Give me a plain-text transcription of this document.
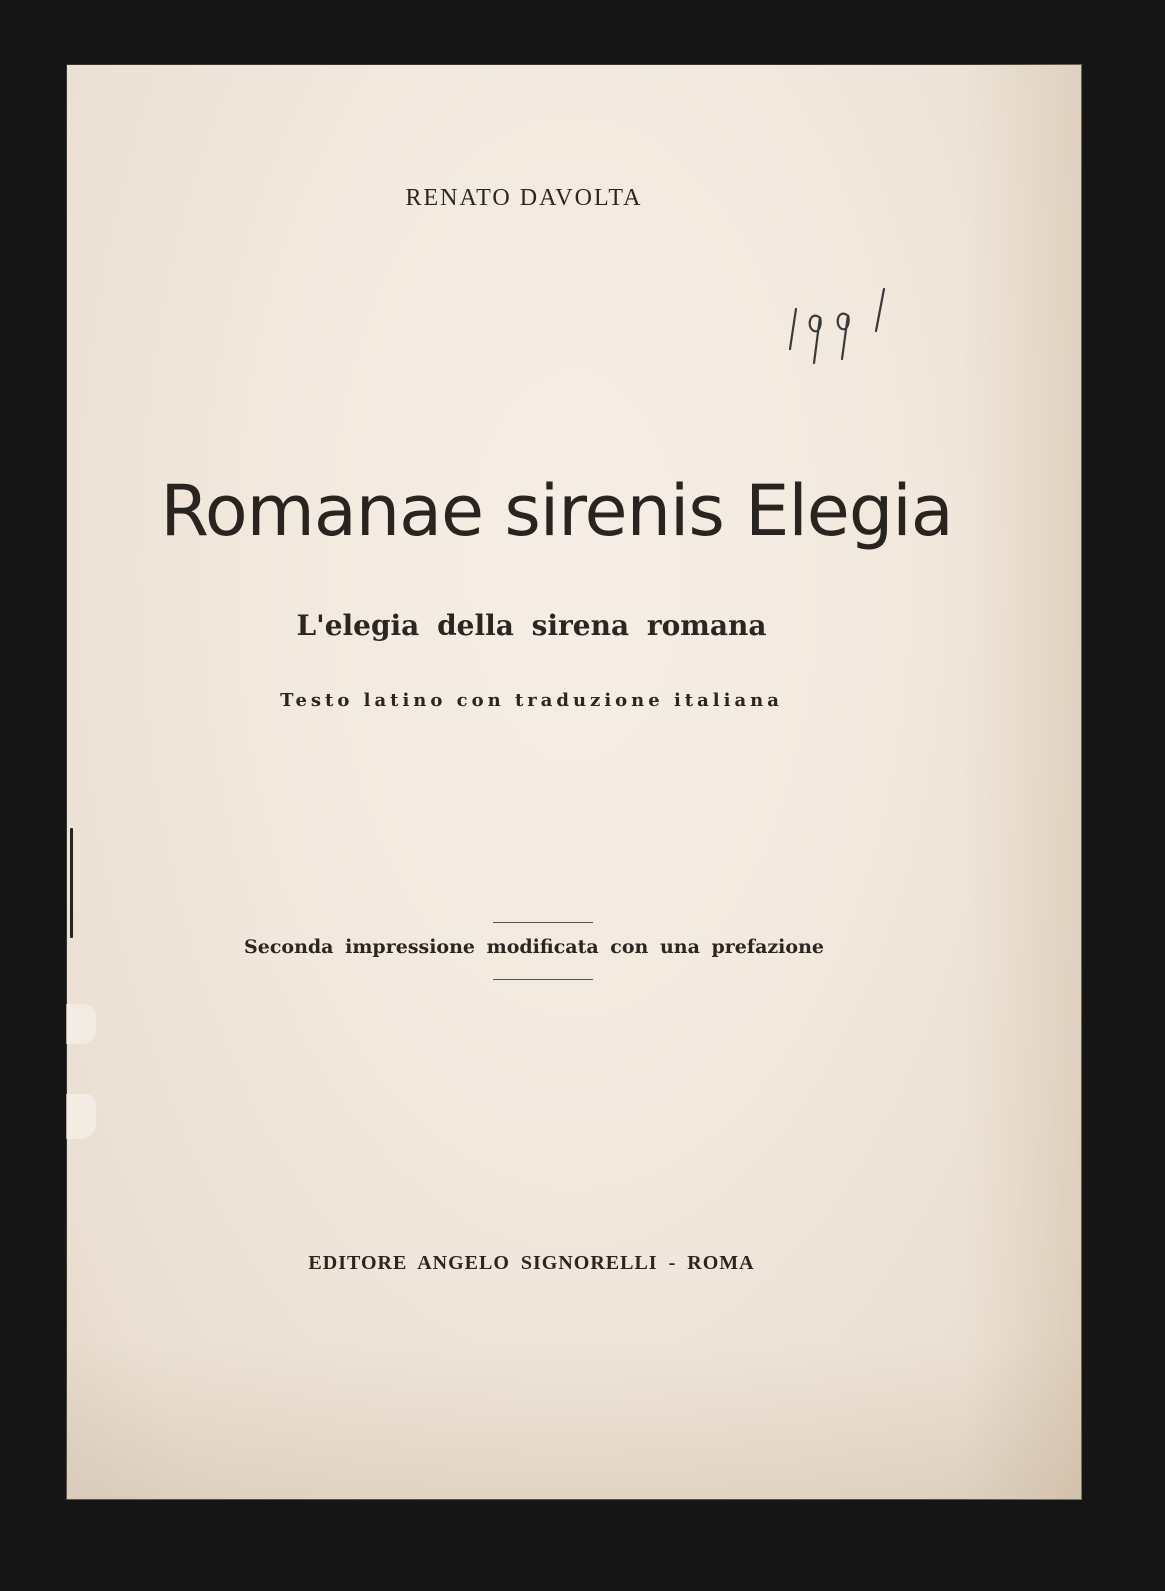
RENATO DAVOLTA
Romanae sirenis Elegia
L'elegia della sirena romana
Testo latino con traduzione italiana
Seconda impressione modificata con una prefazione
EDITORE ANGELO SIGNORELLI - ROMA
